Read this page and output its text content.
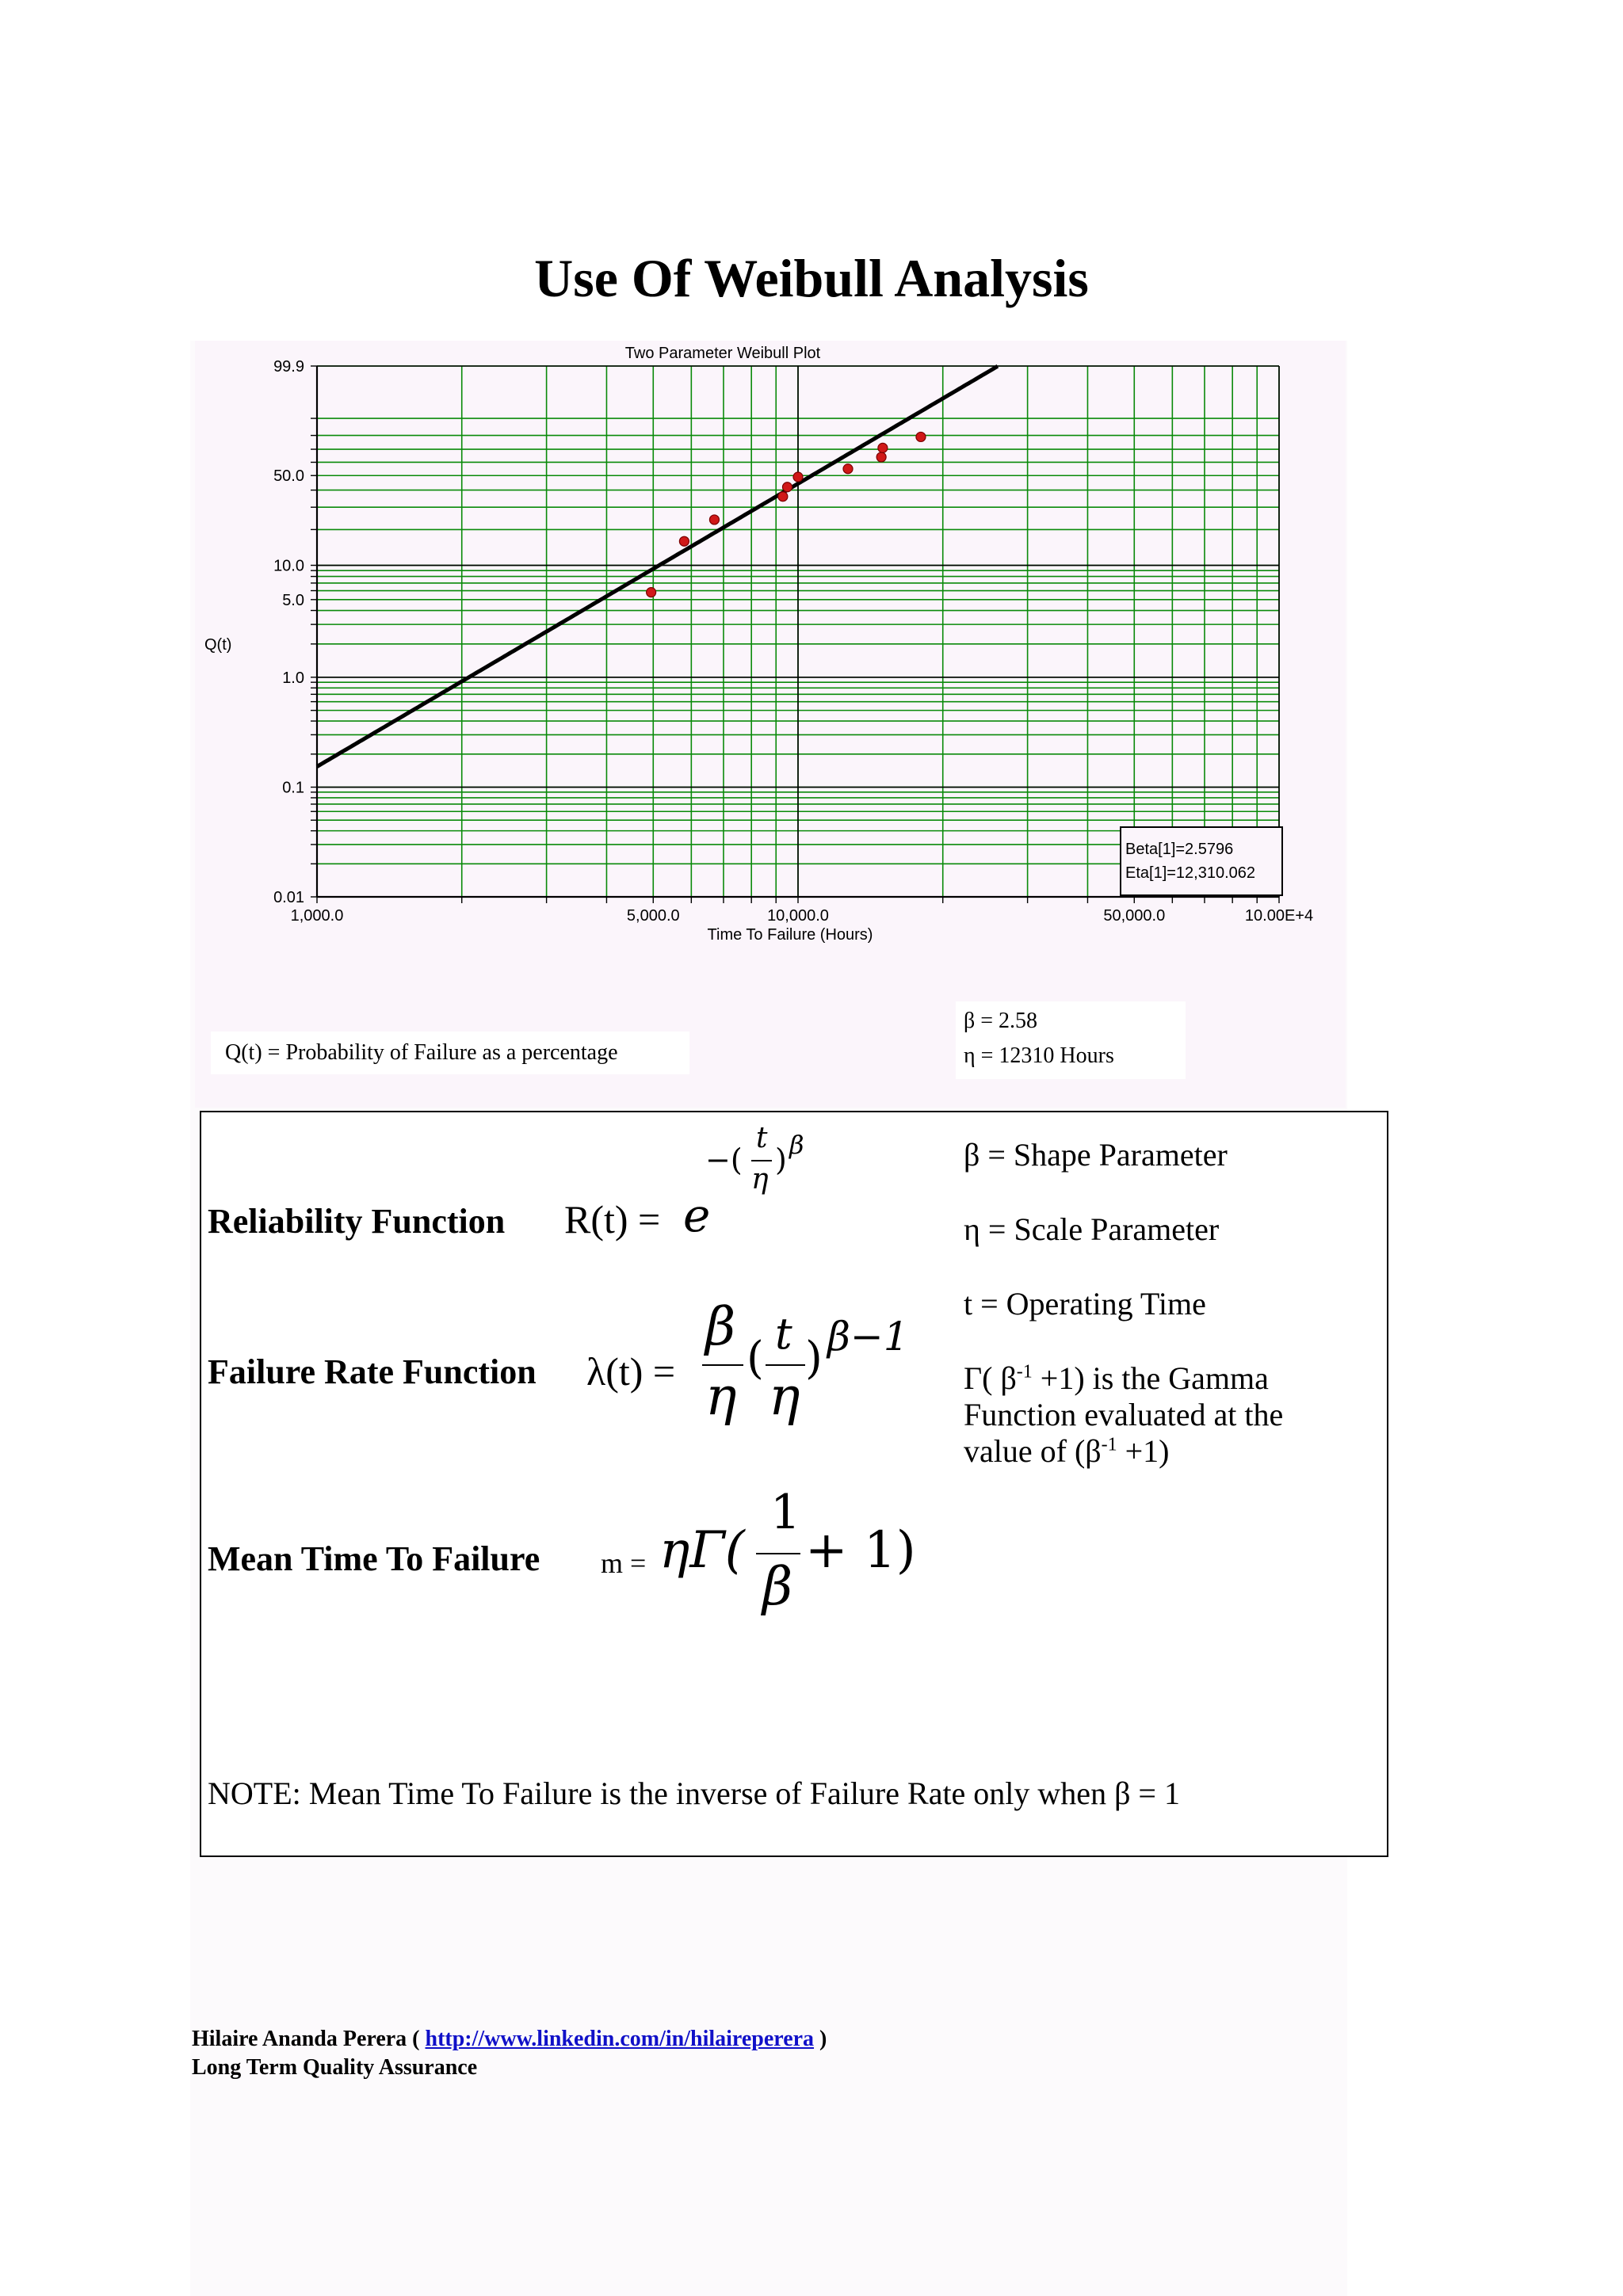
Use Of Weibull Analysis
1,000.0	5,000.0	10,000.0	50,000.0	10.00E+4
99.9
50.0
10.0
5.0
1.0
0.1
0.01
Two Parameter Weibull Plot
Time To Failure (Hours)
Q(t)
Beta[1]=2.5796
Eta[1]=12,310.062
Q(t) = Probability of Failure as a percentage
β = 2.58
η = 12310 Hours
Reliability Function R(t) = e
−(
t
η
) β
Failure Rate Function λ(t) =
β
η
( t
η
) β−1
Mean Time To Failure m = ηΓ(
1
β
+ 1)
β = Shape Parameter
η = Scale Parameter
t = Operating Time
Γ( $\beta^{-1} +1$) is the Gamma
Function evaluated at the
value of $(\beta^{-1} +1)$
NOTE: Mean Time To Failure is the inverse of Failure Rate only when β = 1
Hilaire Ananda Perera ( http://www.linkedin.com/in/hilaireperera )
Long Term Quality Assurance
